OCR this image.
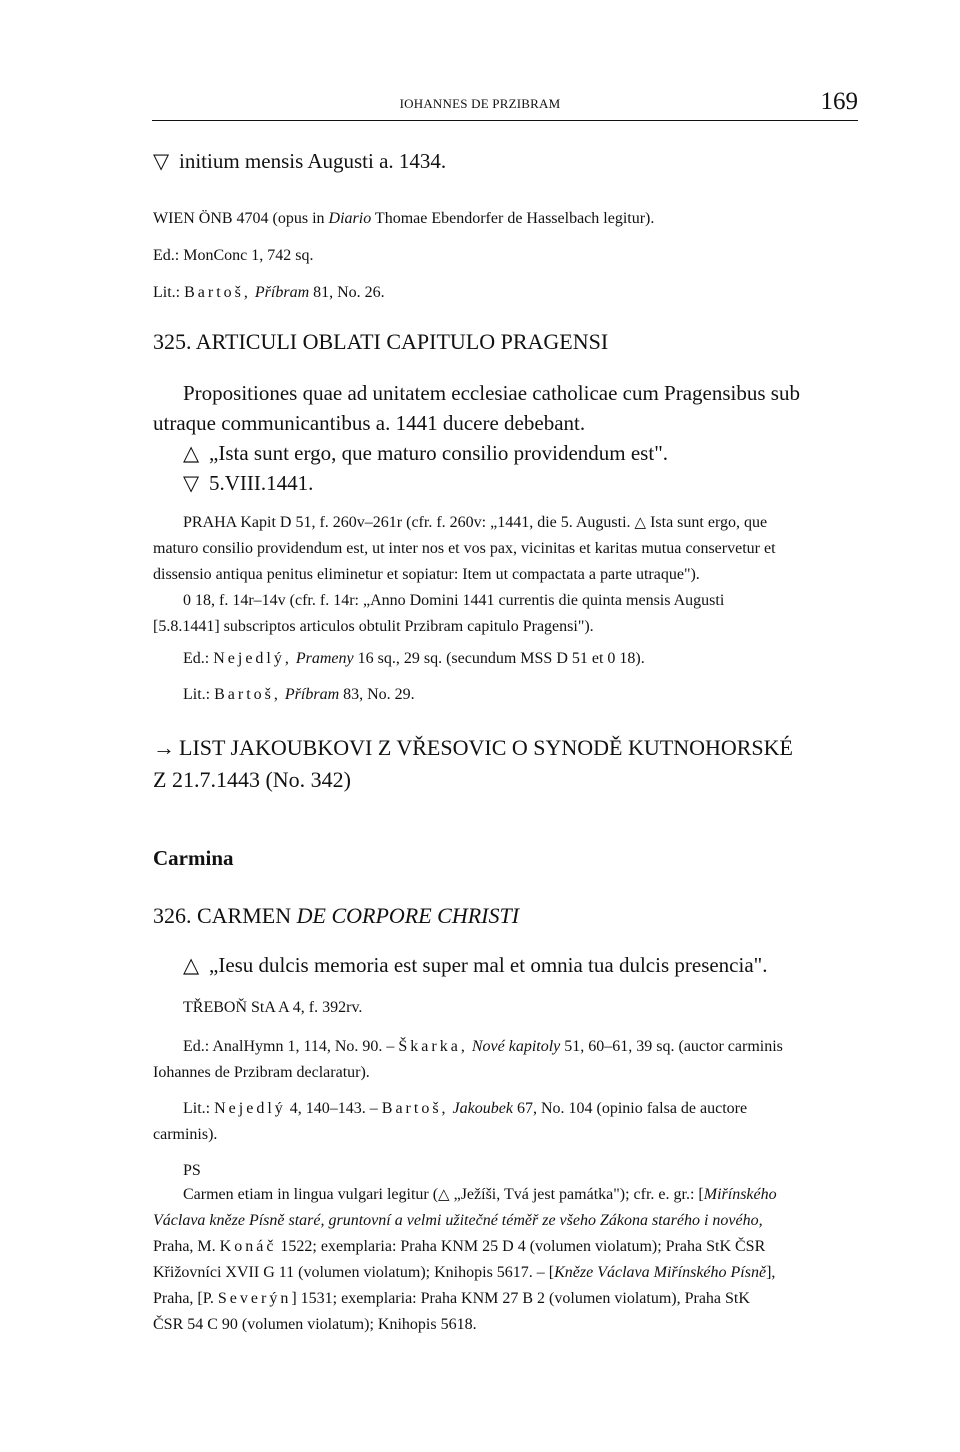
IOHANNES DE PRZIBRAM	169
▽ initium mensis Augusti a. 1434.
WIEN ÖNB 4704 (opus in Diario Thomae Ebendorfer de Hasselbach legitur).
Ed.: MonConc 1, 742 sq.
Lit.: Bartoš, Příbram 81, No. 26.
325. ARTICULI OBLATI CAPITULO PRAGENSI
Propositiones quae ad unitatem ecclesiae catholicae cum Pragensibus sub
utraque communicantibus a. 1441 ducere debebant.
△ „Ista sunt ergo, que maturo consilio providendum est".
▽ 5.VIII.1441.
PRAHA Kapit D 51, f. 260v–261r (cfr. f. 260v: „1441, die 5. Augusti. △ Ista sunt ergo, que
maturo consilio providendum est, ut inter nos et vos pax, vicinitas et karitas mutua conservetur et
dissensio antiqua penitus eliminetur et sopiatur: Item ut compactata a parte utraque").
0 18, f. 14r–14v (cfr. f. 14r: „Anno Domini 1441 currentis die quinta mensis Augusti
[5.8.1441] subscriptos articulos obtulit Przibram capitulo Pragensi").
Ed.: Nejedlý, Prameny 16 sq., 29 sq. (secundum MSS D 51 et 0 18).
Lit.: Bartoš, Příbram 83, No. 29.
→ LIST JAKOUBKOVI Z VŘESOVIC O SYNODĚ KUTNOHORSKÉ
Z 21.7.1443 (No. 342)
Carmina
326. CARMEN DE CORPORE CHRISTI
△ „Iesu dulcis memoria est super mal et omnia tua dulcis presencia".
TŘEBOŇ StA A 4, f. 392rv.
Ed.: AnalHymn 1, 114, No. 90. – Škarka, Nové kapitoly 51, 60–61, 39 sq. (auctor carminis
Iohannes de Przibram declaratur).
Lit.: Nejedlý 4, 140–143. – Bartoš, Jakoubek 67, No. 104 (opinio falsa de auctore
carminis).
PS
Carmen etiam in lingua vulgari legitur (△ „Ježíši, Tvá jest památka"); cfr. e. gr.: [Miřínského
Václava kněze Písně staré, gruntovní a velmi užitečné téměř ze všeho Zákona starého i nového,
Praha, M. Konáč 1522; exemplaria: Praha KNM 25 D 4 (volumen violatum); Praha StK ČSR
Křižovníci XVII G 11 (volumen violatum); Knihopis 5617. – [Kněze Václava Miřínského Písně],
Praha, [P. Severýn] 1531; exemplaria: Praha KNM 27 B 2 (volumen violatum), Praha StK
ČSR 54 C 90 (volumen violatum); Knihopis 5618.
